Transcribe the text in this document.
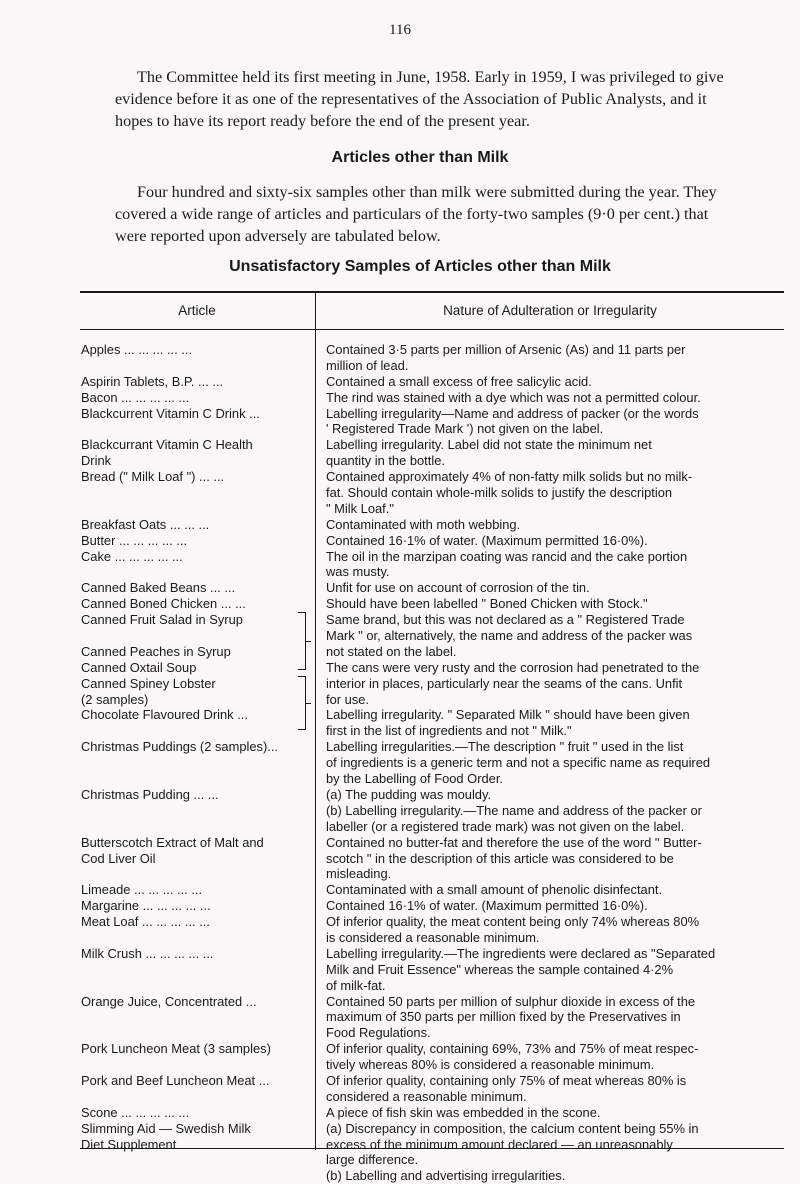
116

The Committee held its first meeting in June, 1958. Early in 1959, I was privileged to give evidence before it as one of the representatives of the Association of Public Analysts, and it hopes to have its report ready before the end of the present year.

Articles other than Milk

Four hundred and sixty-six samples other than milk were submitted during the year. They covered a wide range of articles and particulars of the forty-two samples (9·0 per cent.) that were reported upon adversely are tabulated below.

Unsatisfactory Samples of Articles other than Milk
Article	Nature of Adulteration or Irregularity
Apples ... ... ... ... ...
Aspirin Tablets, B.P. ... ...
Bacon ... ... ... ... ...
Blackcurrent Vitamin C Drink ...
Blackcurrant Vitamin C Health
Drink
Bread (" Milk Loaf ") ... ...
Breakfast Oats ... ... ...
Butter ... ... ... ... ...
Cake ... ... ... ... ...
Canned Baked Beans ... ...
Canned Boned Chicken ... ...
Canned Fruit Salad in Syrup
Canned Peaches in Syrup
Canned Oxtail Soup
Canned Spiney Lobster
(2 samples)
Chocolate Flavoured Drink ...
Christmas Puddings (2 samples)...
Christmas Pudding ... ...
Butterscotch Extract of Malt and
Cod Liver Oil
Limeade ... ... ... ... ...
Margarine ... ... ... ... ...
Meat Loaf ... ... ... ... ...
Milk Crush ... ... ... ... ...
Orange Juice, Concentrated ...
Pork Luncheon Meat (3 samples)
Pork and Beef Luncheon Meat ...
Scone ... ... ... ... ...
Slimming Aid — Swedish Milk
Diet Supplement
Contained 3·5 parts per million of Arsenic (As) and 11 parts per
million of lead.
Contained a small excess of free salicylic acid.
The rind was stained with a dye which was not a permitted colour.
Labelling irregularity—Name and address of packer (or the words
' Registered Trade Mark ') not given on the label.
Labelling irregularity. Label did not state the minimum net
quantity in the bottle.
Contained approximately 4% of non-fatty milk solids but no milk-
fat. Should contain whole-milk solids to justify the description
" Milk Loaf."
Contaminated with moth webbing.
Contained 16·1% of water. (Maximum permitted 16·0%).
The oil in the marzipan coating was rancid and the cake portion
was musty.
Unfit for use on account of corrosion of the tin.
Should have been labelled " Boned Chicken with Stock."
Same brand, but this was not declared as a " Registered Trade
Mark " or, alternatively, the name and address of the packer was
not stated on the label.
The cans were very rusty and the corrosion had penetrated to the
interior in places, particularly near the seams of the cans. Unfit
for use.
Labelling irregularity. " Separated Milk " should have been given
first in the list of ingredients and not " Milk."
Labelling irregularities.—The description " fruit " used in the list
of ingredients is a generic term and not a specific name as required
by the Labelling of Food Order.
(a) The pudding was mouldy.
(b) Labelling irregularity.—The name and address of the packer or
labeller (or a registered trade mark) was not given on the label.
Contained no butter-fat and therefore the use of the word " Butter-
scotch " in the description of this article was considered to be
misleading.
Contaminated with a small amount of phenolic disinfectant.
Contained 16·1% of water. (Maximum permitted 16·0%).
Of inferior quality, the meat content being only 74% whereas 80%
is considered a reasonable minimum.
Labelling irregularity.—The ingredients were declared as "Separated
Milk and Fruit Essence" whereas the sample contained 4·2%
of milk-fat.
Contained 50 parts per million of sulphur dioxide in excess of the
maximum of 350 parts per million fixed by the Preservatives in
Food Regulations.
Of inferior quality, containing 69%, 73% and 75% of meat respec-
tively whereas 80% is considered a reasonable minimum.
Of inferior quality, containing only 75% of meat whereas 80% is
considered a reasonable minimum.
A piece of fish skin was embedded in the scone.
(a) Discrepancy in composition, the calcium content being 55% in
excess of the minimum amount declared — an unreasonably
large difference.
(b) Labelling and advertising irregularities.
